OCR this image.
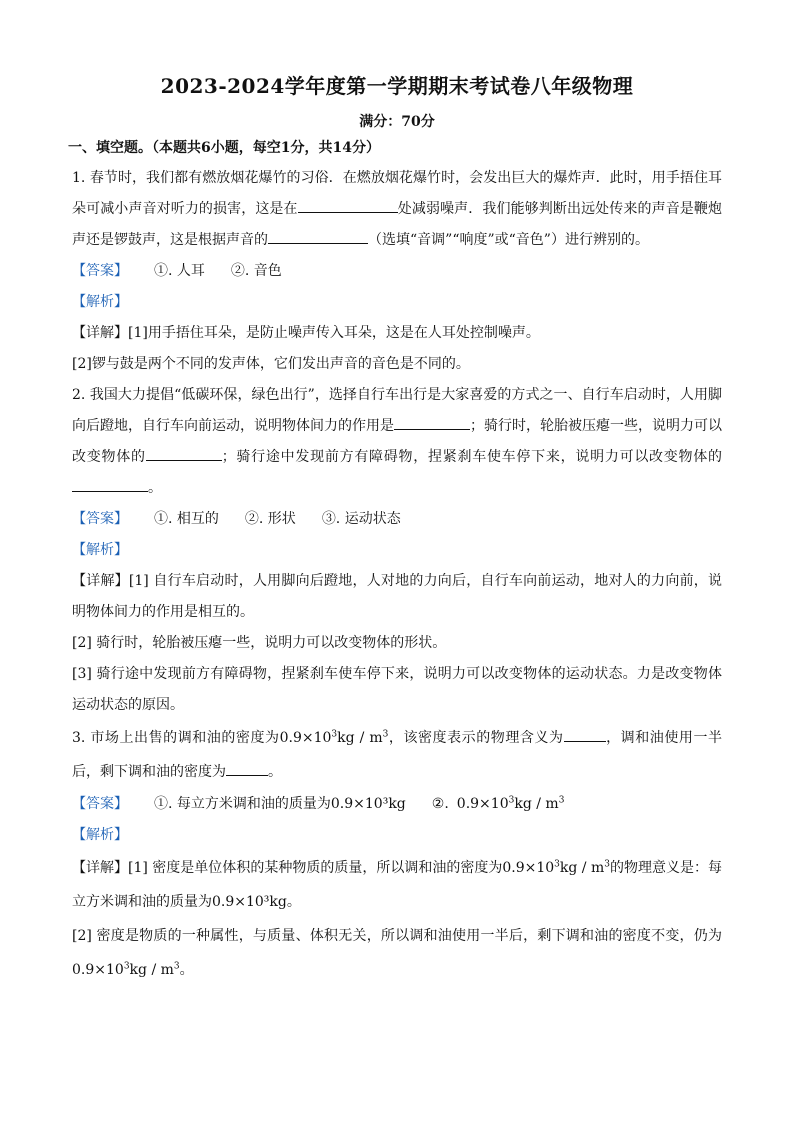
2023-2024学年度第一学期期末考试卷八年级物理
满分：70分
一、填空题。（本题共6小题，每空1分，共14分）

1. 春节时，我们都有燃放烟花爆竹的习俗．在燃放烟花爆竹时，会发出巨大的爆炸声．此时，用手捂住耳朵可减小声音对听力的损害，这是在	处减弱噪声．我们能够判断出远处传来的声音是鞭炮声还是锣鼓声，这是根据声音的	（选填“音调”“响度”或“音色”）进行辨别的。

【答案】 ①. 人耳 ②. 音色

【解析】

【详解】[1]用手捂住耳朵，是防止噪声传入耳朵，这是在人耳处控制噪声。

[2]锣与鼓是两个不同的发声体，它们发出声音的音色是不同的。

2. 我国大力提倡“低碳环保，绿色出行”，选择自行车出行是大家喜爱的方式之一、自行车启动时，人用脚向后蹬地，自行车向前运动，说明物体间力的作用是	；骑行时，轮胎被压瘪一些，说明力可以改变物体的	；骑行途中发现前方有障碍物，捏紧刹车使车停下来，说明力可以改变物体的。

【答案】 ①. 相互的 ②. 形状 ③. 运动状态

【解析】

【详解】[1] 自行车启动时，人用脚向后蹬地，人对地的力向后，自行车向前运动，地对人的力向前，说明物体间力的作用是相互的。

[2] 骑行时，轮胎被压瘪一些，说明力可以改变物体的形状。

[3] 骑行途中发现前方有障碍物，捏紧刹车使车停下来，说明力可以改变物体的运动状态。力是改变物体运动状态的原因。

3. 市场上出售的调和油的密度为$0.9\times 10^3kg / m^3$，该密度表示的物理含义为	，调和油使用一半后，剩下调和油的密度为	。

【答案】 ①. 每立方米调和油的质量为0.9×10³kg ②. $0.9\times 10^3kg / m^3$

【解析】

【详解】[1] 密度是单位体积的某种物质的质量，所以调和油的密度为$0.9\times 10^3kg / m^3$的物理意义是：每立方米调和油的质量为0.9×10³kg。

[2] 密度是物质的一种属性，与质量、体积无关，所以调和油使用一半后，剩下调和油的密度不变，仍为$0.9\times 10^3kg / m^3$。
